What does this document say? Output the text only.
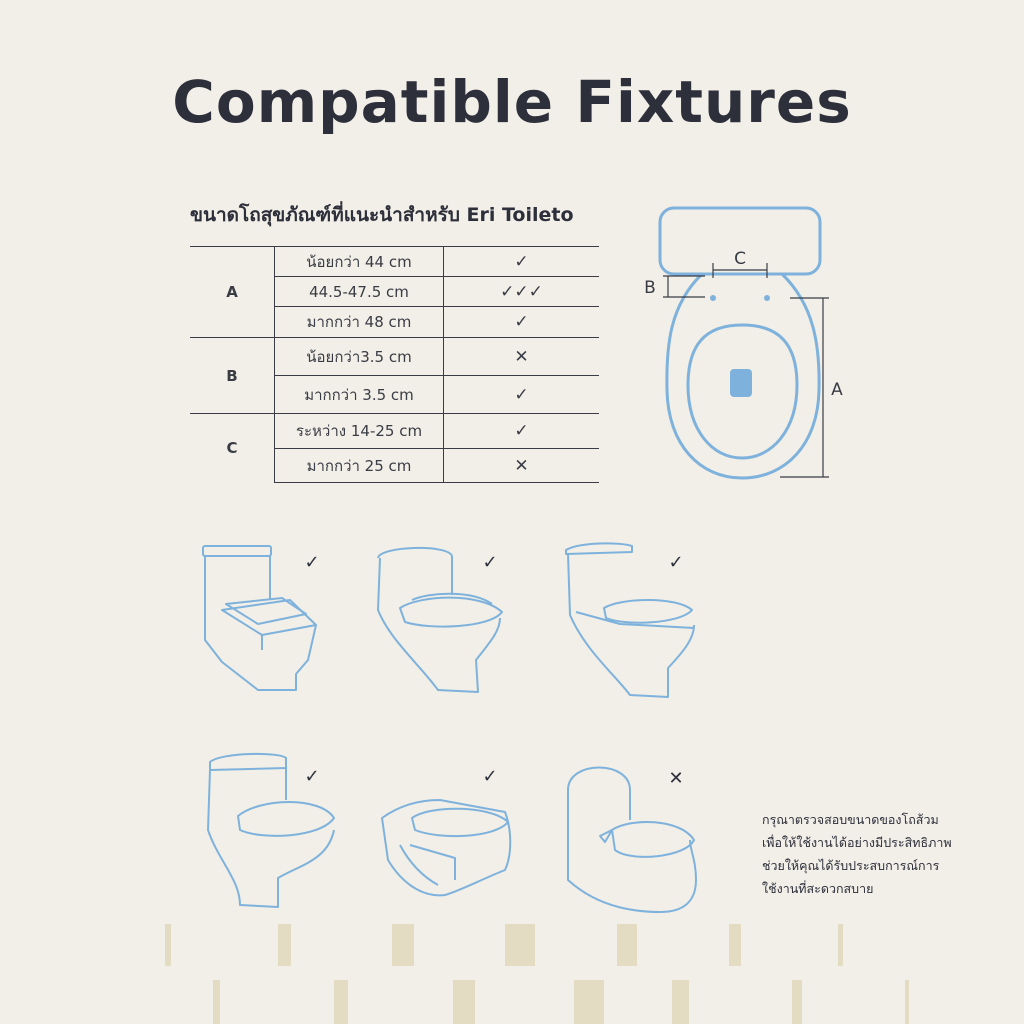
Compatible Fixtures
ขนาดโถสุขภัณฑ์ที่แนะนำสำหรับ Eri Toileto
A	น้อยกว่า 44 cm	✓
	44.5-47.5 cm	✓✓✓
	มากกว่า 48 cm	✓
B	น้อยกว่า3.5 cm	✕
	มากกว่า 3.5 cm	✓
C	ระหว่าง 14-25 cm	✓
	มากกว่า 25 cm	✕
C
B
A
✓	✓	✓
✓	✓	✕
กรุณาตรวจสอบขนาดของโถส้วม
เพื่อให้ใช้งานได้อย่างมีประสิทธิภาพ
ช่วยให้คุณได้รับประสบการณ์การ
ใช้งานที่สะดวกสบาย
